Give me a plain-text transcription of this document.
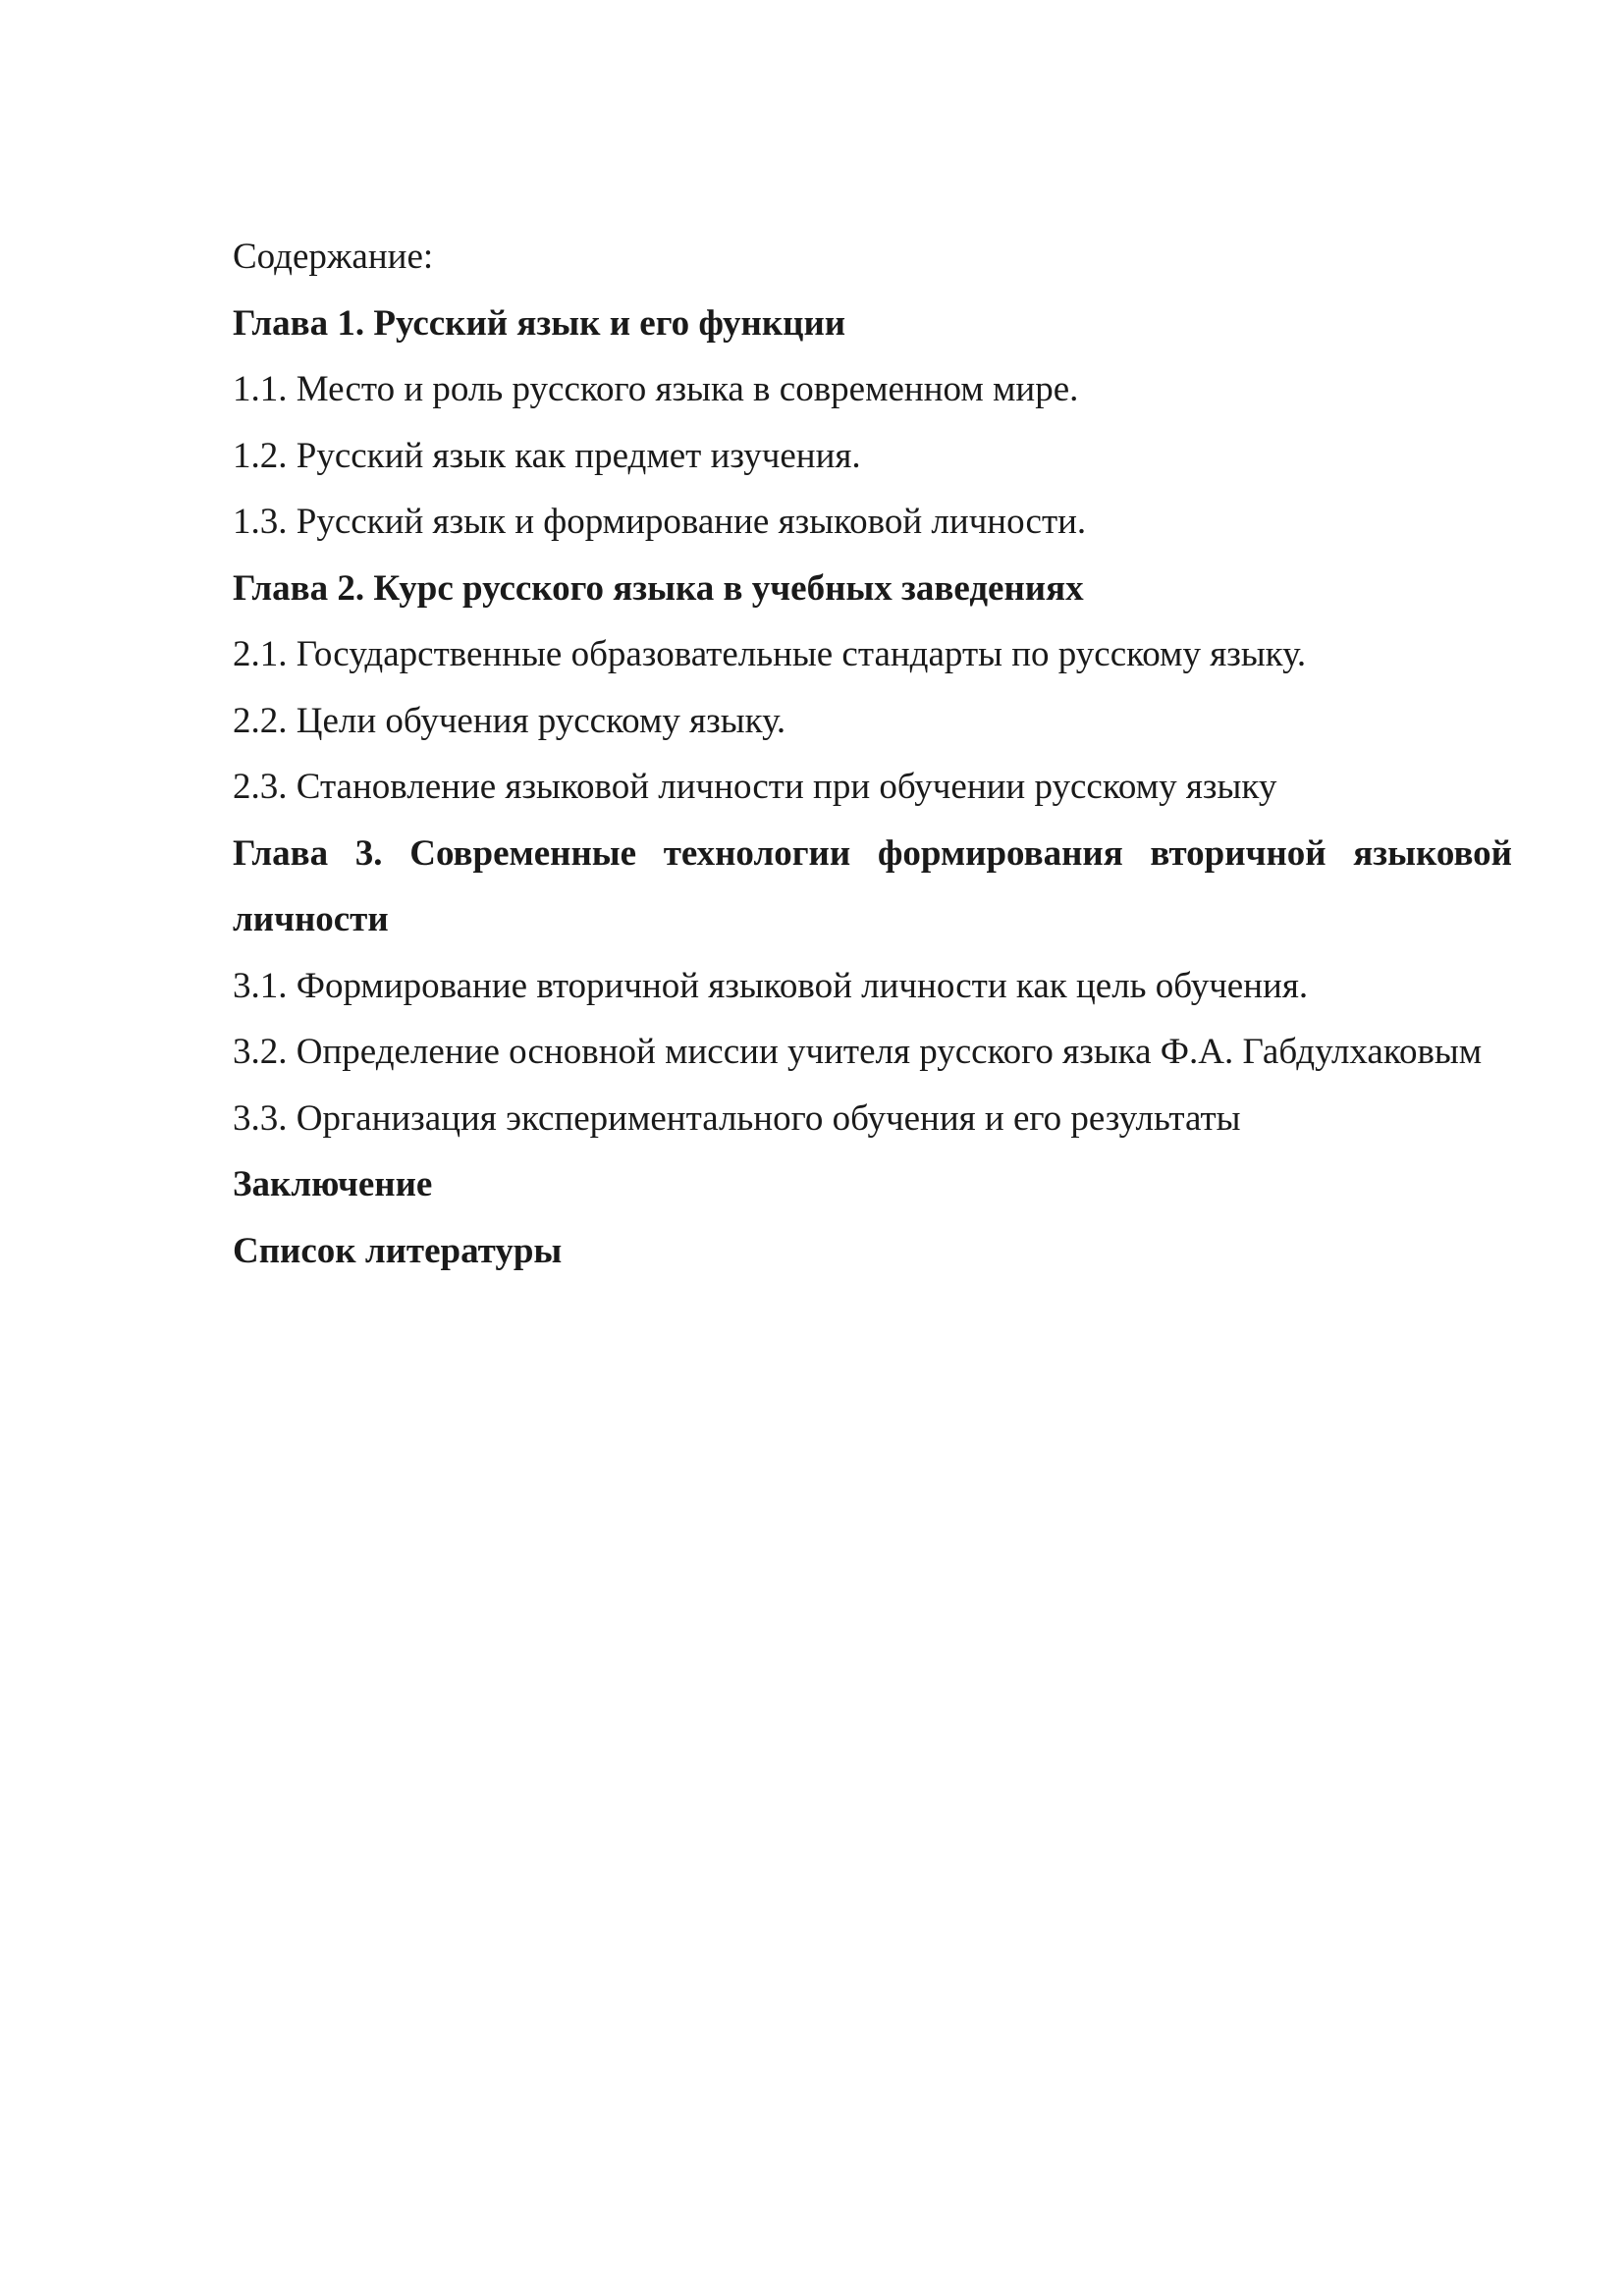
Содержание:

Глава 1. Русский язык и его функции

1.1. Место и роль русского языка в современном мире.

1.2. Русский язык как предмет изучения.

1.3. Русский язык и формирование языковой личности.

Глава 2. Курс русского языка в учебных заведениях

2.1. Государственные образовательные стандарты по русскому языку.

2.2. Цели обучения русскому языку.

2.3. Становление языковой личности при обучении русскому языку

Глава 3. Современные технологии формирования вторичной языковой личности

3.1. Формирование вторичной языковой личности как цель обучения.

3.2. Определение основной миссии учителя русского языка Ф.А. Габдулхаковым

3.3. Организация экспериментального обучения и его результаты

Заключение

Список литературы
